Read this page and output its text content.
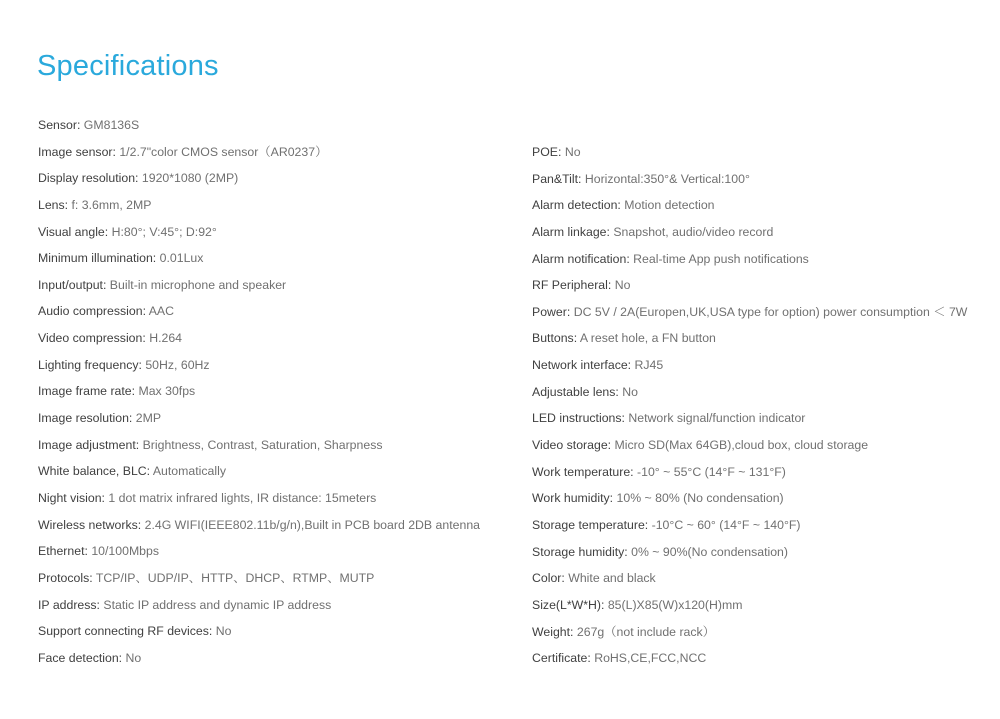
Specifications
Sensor: GM8136S
Image sensor: 1/2.7"color CMOS sensor（AR0237）
Display resolution: 1920*1080 (2MP)
Lens: f: 3.6mm, 2MP
Visual angle: H:80°; V:45°; D:92°
Minimum illumination: 0.01Lux
Input/output: Built-in microphone and speaker
Audio compression: AAC
Video compression: H.264
Lighting frequency: 50Hz, 60Hz
Image frame rate: Max 30fps
Image resolution: 2MP
Image adjustment: Brightness, Contrast, Saturation, Sharpness
White balance, BLC: Automatically
Night vision: 1 dot matrix infrared lights, IR distance: 15meters
Wireless networks: 2.4G WIFI(IEEE802.11b/g/n),Built in PCB board 2DB antenna
Ethernet: 10/100Mbps
Protocols: TCP/IP、UDP/IP、HTTP、DHCP、RTMP、MUTP
IP address: Static IP address and dynamic IP address
Support connecting RF devices: No
Face detection: No
POE: No
Pan&Tilt: Horizontal:350°& Vertical:100°
Alarm detection: Motion detection
Alarm linkage: Snapshot, audio/video record
Alarm notification: Real-time App push notifications
RF Peripheral: No
Power: DC 5V / 2A(Europen,UK,USA type for option) power consumption ＜ 7W
Buttons: A reset hole, a FN button
Network interface: RJ45
Adjustable lens: No
LED instructions: Network signal/function indicator
Video storage: Micro SD(Max 64GB),cloud box, cloud storage
Work temperature: -10° ~ 55°C (14°F ~ 131°F)
Work humidity: 10% ~ 80% (No condensation)
Storage temperature: -10°C ~ 60° (14°F ~ 140°F)
Storage humidity: 0% ~ 90%(No condensation)
Color: White and black
Size(L*W*H): 85(L)X85(W)x120(H)mm
Weight: 267g（not include rack）
Certificate: RoHS,CE,FCC,NCC
